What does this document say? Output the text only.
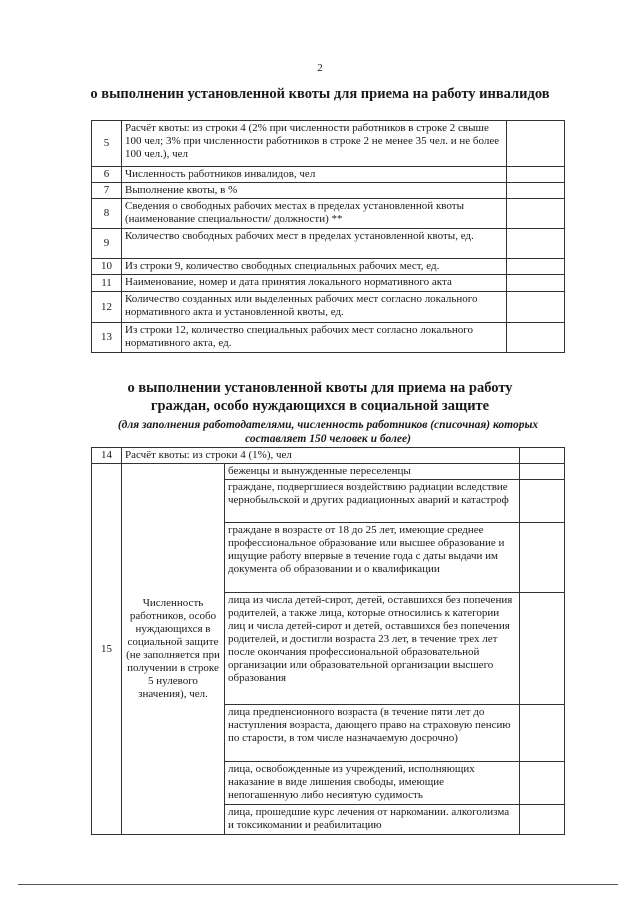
2
о выполненин установленной квоты для приема на работу инвалидов
5	Расчёт квоты: из строки 4 (2% при численности работников в строке 2 свыше 100 чел; 3% при численности работников в строке 2 не менее 35 чел. и не более 100 чел.), чел	
6	Численность работников инвалидов, чел	
7	Выполнение квоты, в %	
8	Сведения о свободных рабочих местах в пределах установленной квоты (наименование специальности/ должности) **	
9	Количество свободных рабочих мест в пределах установленной квоты, ед.	
10	Из строки 9, количество свободных специальных рабочих мест, ед.	
11	Наименование, номер и дата принятия локального нормативного акта	
12	Количество созданных или выделенных рабочих мест согласно локального нормативного акта и установленной квоты, ед.	
13	Из строки 12, количество специальных рабочих мест согласно локального нормативного акта, ед.	
о выполнении установленной квоты для приема на работу
граждан, особо нуждающихся в социальной защите
(для заполнения работодателями, численность работников (списочная) которых составляет 150 человек и более)
14	Расчёт квоты: из строки 4 (1%), чел		
15	Численность работников, особо нуждающихся в социальной защите (не заполняется при получении в строке 5 нулевого значения), чел.	беженцы и вынужденные переселенцы	
		граждане, подвергшиеся воздействию радиации вследствие чернобыльской и других радиационных аварий и катастроф	
		граждане в возрасте от 18 до 25 лет, имеющие среднее профессиональное образование или высшее образование и ищущие работу впервые в течение года с даты выдачи им документа об образовании и о квалификации	
		лица из числа детей-сирот, детей, оставшихся без попечения родителей, а также лица, которые относились к категории лиц и числа детей-сирот и детей, оставшихся без попечения родителей, и достигли возраста 23 лет, в течение трех лет после окончания профессиональной образовательной организации или образовательной организации высшего образования	
		лица предпенсионного возраста (в течение пяти лет до наступления возраста, дающего право на страховую пенсию по старости, в том числе назначаемую досрочно)	
		лица, освобожденные из учреждений, исполняющих наказание в виде лишения свободы, имеющие непогашенную либо несиятую судимость	
		лица, прошедшие курс лечения от наркомании. алкоголизма и токсикомании и реабилитацию	
